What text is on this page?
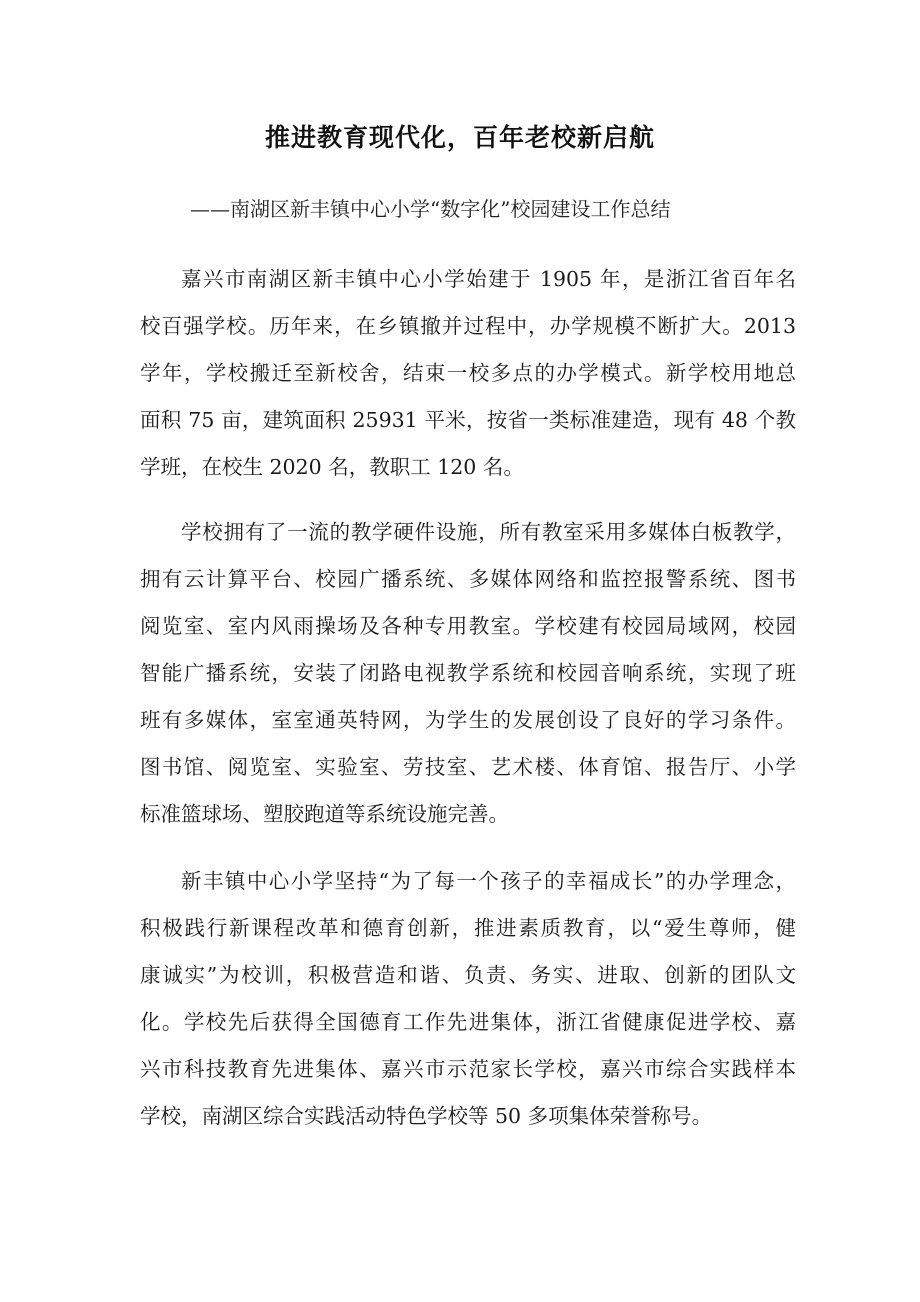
推进教育现代化，百年老校新启航
——南湖区新丰镇中心小学“数字化”校园建设工作总结
嘉兴市南湖区新丰镇中心小学始建于 1905 年，是浙江省百年名
校百强学校。历年来，在乡镇撤并过程中，办学规模不断扩大。2013
学年，学校搬迁至新校舍，结束一校多点的办学模式。新学校用地总
面积 75 亩，建筑面积 25931 平米，按省一类标准建造，现有 48 个教
学班，在校生 2020 名，教职工 120 名。
学校拥有了一流的教学硬件设施，所有教室采用多媒体白板教学，
拥有云计算平台、校园广播系统、多媒体网络和监控报警系统、图书
阅览室、室内风雨操场及各种专用教室。学校建有校园局域网，校园
智能广播系统，安装了闭路电视教学系统和校园音响系统，实现了班
班有多媒体，室室通英特网，为学生的发展创设了良好的学习条件。
图书馆、阅览室、实验室、劳技室、艺术楼、体育馆、报告厅、小学
标准篮球场、塑胶跑道等系统设施完善。
新丰镇中心小学坚持“为了每一个孩子的幸福成长”的办学理念，
积极践行新课程改革和德育创新，推进素质教育，以“爱生尊师，健
康诚实”为校训，积极营造和谐、负责、务实、进取、创新的团队文
化。学校先后获得全国德育工作先进集体，浙江省健康促进学校、嘉
兴市科技教育先进集体、嘉兴市示范家长学校，嘉兴市综合实践样本
学校，南湖区综合实践活动特色学校等 50 多项集体荣誉称号。
